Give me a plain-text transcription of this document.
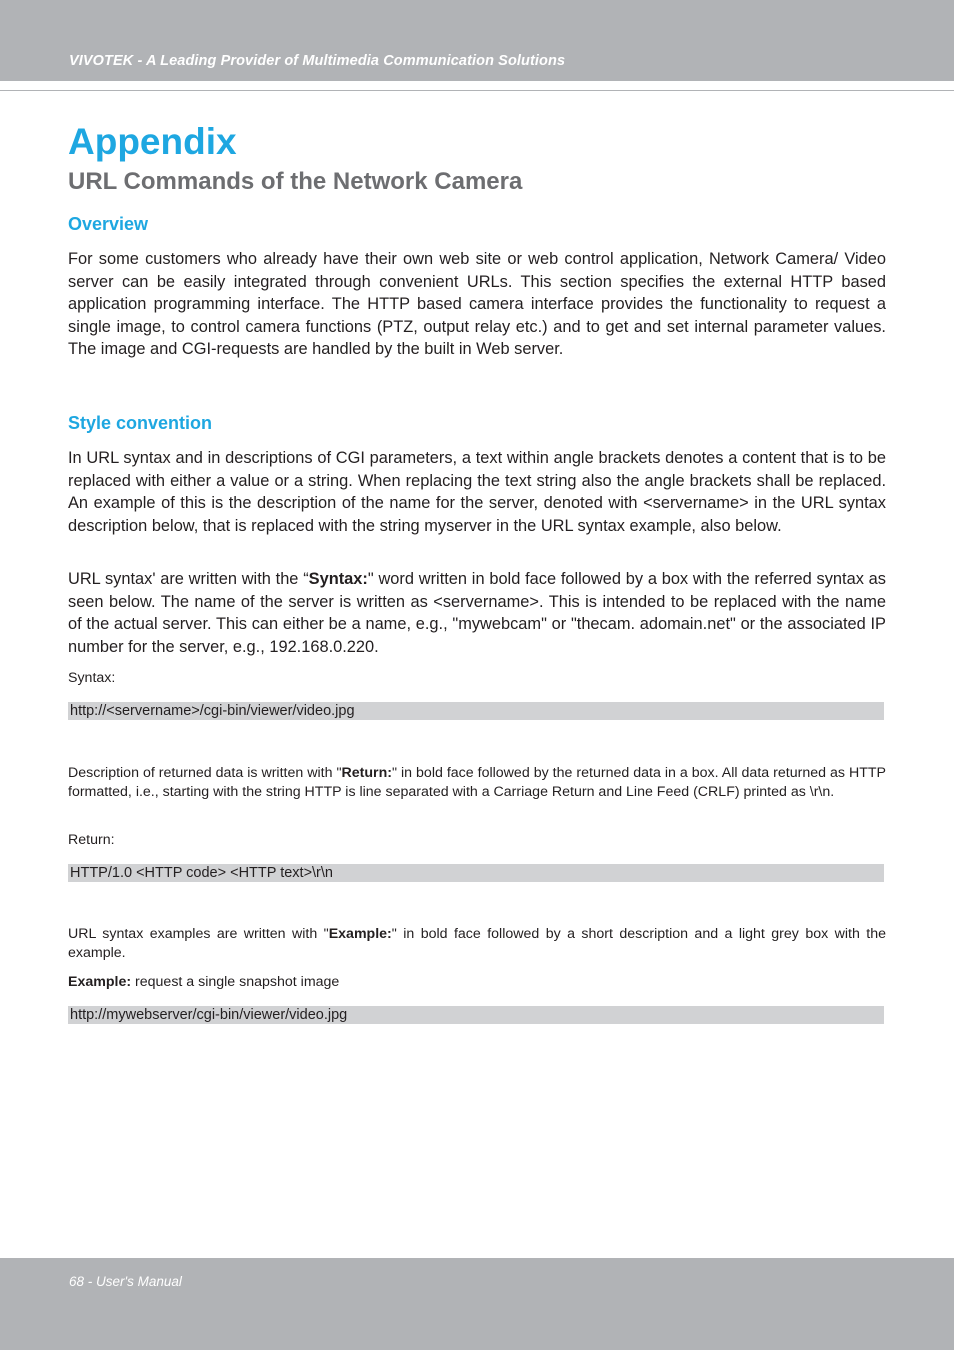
VIVOTEK - A Leading Provider of Multimedia Communication Solutions
Appendix
URL Commands of the Network Camera
Overview

For some customers who already have their own web site or web control application, Network Camera/ Video server can be easily integrated through convenient URLs. This section specifies the external HTTP based application programming interface. The HTTP based camera interface provides the functionality to request a single image, to control camera functions (PTZ, output relay etc.) and to get and set internal parameter values. The image and CGI-requests are handled by the built in Web server.

Style convention

In URL syntax and in descriptions of CGI parameters, a text within angle brackets denotes a content that is to be replaced with either a value or a string. When replacing the text string also the angle brackets shall be replaced. An example of this is the description of the name for the server, denoted with <servername> in the URL syntax description below, that is replaced with the string myserver in the URL syntax example, also below.

URL syntax' are written with the “Syntax:" word written in bold face followed by a box with the referred syntax as seen below. The name of the server is written as <servername>. This is intended to be replaced with the name of the actual server. This can either be a name, e.g., "mywebcam" or "thecam. adomain.net" or the associated IP number for the server, e.g., 192.168.0.220.

Syntax:
http://<servername>/cgi-bin/viewer/video.jpg

Description of returned data is written with "Return:" in bold face followed by the returned data in a box. All data returned as HTTP formatted, i.e., starting with the string HTTP is line separated with a Carriage Return and Line Feed (CRLF) printed as \r\n.

Return:
HTTP/1.0 <HTTP code> <HTTP text>\r\n

URL syntax examples are written with "Example:" in bold face followed by a short description and a light grey box with the example.

Example: request a single snapshot image
http://mywebserver/cgi-bin/viewer/video.jpg
68 - User's Manual
